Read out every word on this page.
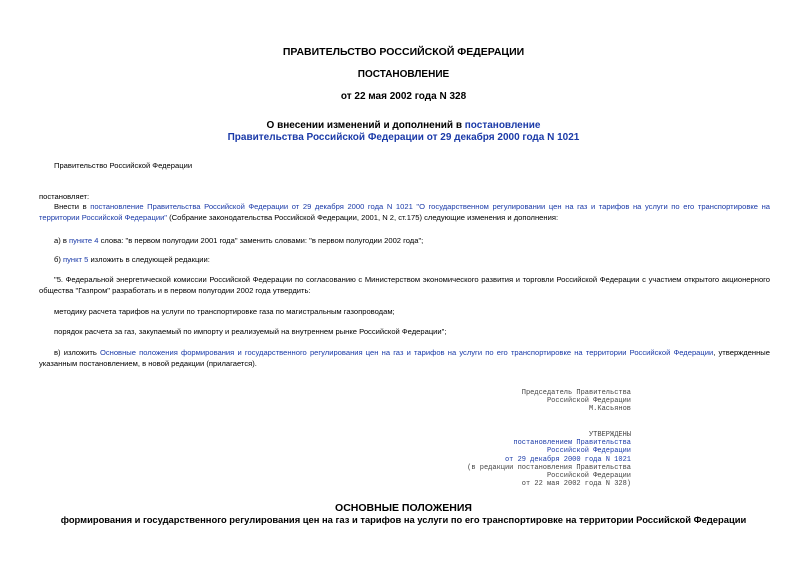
ПРАВИТЕЛЬСТВО РОССИЙСКОЙ ФЕДЕРАЦИИ
ПОСТАНОВЛЕНИЕ
от 22 мая 2002 года N 328
О внесении изменений и дополнений в постановление
Правительства Российской Федерации от 29 декабря 2000 года N 1021
Правительство Российской Федерации
постановляет:
Внести в постановление Правительства Российской Федерации от 29 декабря 2000 года N 1021 "О государственном регулировании цен на газ и тарифов на услуги по его транспортировке на территории Российской Федерации" (Собрание законодательства Российской Федерации, 2001, N 2, ст.175) следующие изменения и дополнения:
а) в пункте 4 слова: "в первом полугодии 2001 года" заменить словами: "в первом полугодии 2002 года";
б) пункт 5 изложить в следующей редакции:
"5. Федеральной энергетической комиссии Российской Федерации по согласованию с Министерством экономического развития и торговли Российской Федерации с участием открытого акционерного общества "Газпром" разработать и в первом полугодии 2002 года утвердить:
методику расчета тарифов на услуги по транспортировке газа по магистральным газопроводам;
порядок расчета за газ, закупаемый по импорту и реализуемый на внутреннем рынке Российской Федерации";
в) изложить Основные положения формирования и государственного регулирования цен на газ и тарифов на услуги по его транспортировке на территории Российской Федерации, утвержденные указанным постановлением, в новой редакции (прилагается).
Председатель Правительства
Российской Федерации
М.Касьянов
УТВЕРЖДЕНЫ
постановлением Правительства
Российской Федерации
от 29 декабря 2000 года N 1021
(в редакции постановления Правительства
Российской Федерации
от 22 мая 2002 года N 328)
ОСНОВНЫЕ ПОЛОЖЕНИЯ
формирования и государственного регулирования цен на газ и тарифов на услуги по его транспортировке на территории Российской Федерации
